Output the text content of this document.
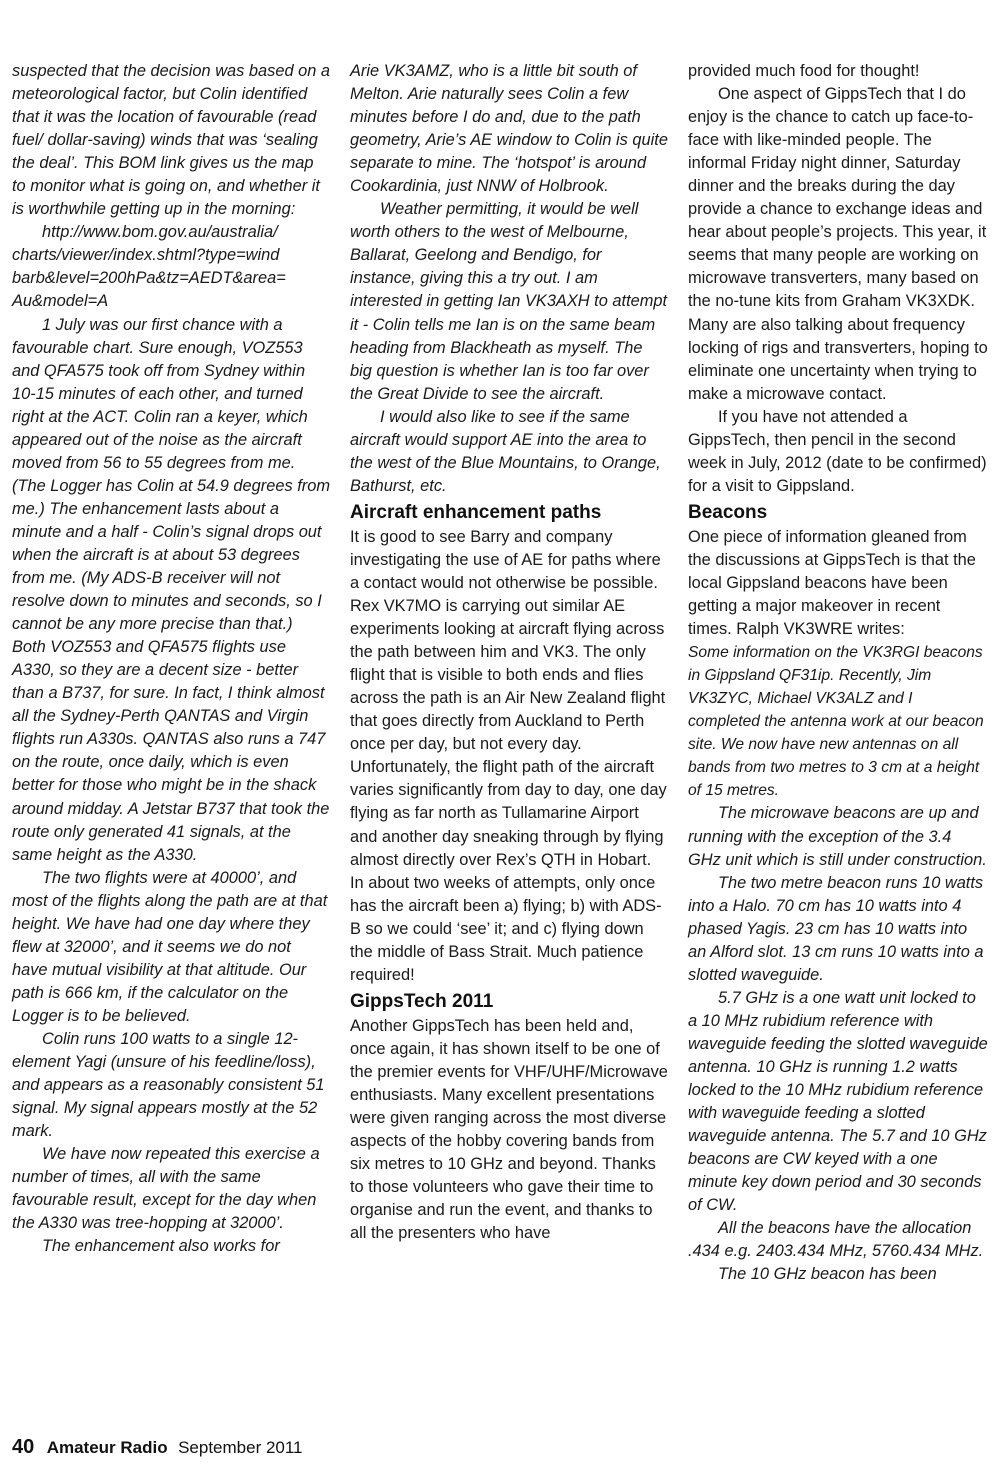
suspected that the decision was based on a meteorological factor, but Colin identified that it was the location of favourable (read fuel/ dollar-saving) winds that was ‘sealing the deal’. This BOM link gives us the map to monitor what is going on, and whether it is worthwhile getting up in the morning:

http://www.bom.gov.au/australia/ charts/viewer/index.shtml?type=wind barb&level=200hPa&tz=AEDT&area= Au&model=A

1 July was our first chance with a favourable chart. Sure enough, VOZ553 and QFA575 took off from Sydney within 10-15 minutes of each other, and turned right at the ACT. Colin ran a keyer, which appeared out of the noise as the aircraft moved from 56 to 55 degrees from me. (The Logger has Colin at 54.9 degrees from me.) The enhancement lasts about a minute and a half - Colin’s signal drops out when the aircraft is at about 53 degrees from me. (My ADS-B receiver will not resolve down to minutes and seconds, so I cannot be any more precise than that.) Both VOZ553 and QFA575 flights use A330, so they are a decent size - better than a B737, for sure. In fact, I think almost all the Sydney-Perth QANTAS and Virgin flights run A330s. QANTAS also runs a 747 on the route, once daily, which is even better for those who might be in the shack around midday. A Jetstar B737 that took the route only generated 41 signals, at the same height as the A330.

The two flights were at 40000’, and most of the flights along the path are at that height. We have had one day where they flew at 32000’, and it seems we do not have mutual visibility at that altitude. Our path is 666 km, if the calculator on the Logger is to be believed.

Colin runs 100 watts to a single 12-element Yagi (unsure of his feedline/loss), and appears as a reasonably consistent 51 signal. My signal appears mostly at the 52 mark.

We have now repeated this exercise a number of times, all with the same favourable result, except for the day when the A330 was tree-hopping at 32000’.

The enhancement also works for

Arie VK3AMZ, who is a little bit south of Melton. Arie naturally sees Colin a few minutes before I do and, due to the path geometry, Arie’s AE window to Colin is quite separate to mine. The ‘hotspot’ is around Cookardinia, just NNW of Holbrook.

Weather permitting, it would be well worth others to the west of Melbourne, Ballarat, Geelong and Bendigo, for instance, giving this a try out. I am interested in getting Ian VK3AXH to attempt it - Colin tells me Ian is on the same beam heading from Blackheath as myself. The big question is whether Ian is too far over the Great Divide to see the aircraft.

I would also like to see if the same aircraft would support AE into the area to the west of the Blue Mountains, to Orange, Bathurst, etc.

Aircraft enhancement paths

It is good to see Barry and company investigating the use of AE for paths where a contact would not otherwise be possible. Rex VK7MO is carrying out similar AE experiments looking at aircraft flying across the path between him and VK3. The only flight that is visible to both ends and flies across the path is an Air New Zealand flight that goes directly from Auckland to Perth once per day, but not every day. Unfortunately, the flight path of the aircraft varies significantly from day to day, one day flying as far north as Tullamarine Airport and another day sneaking through by flying almost directly over Rex’s QTH in Hobart. In about two weeks of attempts, only once has the aircraft been a) flying; b) with ADS-B so we could ‘see’ it; and c) flying down the middle of Bass Strait. Much patience required!

GippsTech 2011

Another GippsTech has been held and, once again, it has shown itself to be one of the premier events for VHF/UHF/Microwave enthusiasts. Many excellent presentations were given ranging across the most diverse aspects of the hobby covering bands from six metres to 10 GHz and beyond. Thanks to those volunteers who gave their time to organise and run the event, and thanks to all the presenters who have

provided much food for thought!

One aspect of GippsTech that I do enjoy is the chance to catch up face-to-face with like-minded people. The informal Friday night dinner, Saturday dinner and the breaks during the day provide a chance to exchange ideas and hear about people’s projects. This year, it seems that many people are working on microwave transverters, many based on the no-tune kits from Graham VK3XDK. Many are also talking about frequency locking of rigs and transverters, hoping to eliminate one uncertainty when trying to make a microwave contact.

If you have not attended a GippsTech, then pencil in the second week in July, 2012 (date to be confirmed) for a visit to Gippsland.

Beacons

One piece of information gleaned from the discussions at GippsTech is that the local Gippsland beacons have been getting a major makeover in recent times. Ralph VK3WRE writes:

Some information on the VK3RGI beacons in Gippsland QF31ip. Recently, Jim VK3ZYC, Michael VK3ALZ and I completed the antenna work at our beacon site. We now have new antennas on all bands from two metres to 3 cm at a height of 15 metres.

The microwave beacons are up and running with the exception of the 3.4 GHz unit which is still under construction.

The two metre beacon runs 10 watts into a Halo. 70 cm has 10 watts into 4 phased Yagis. 23 cm has 10 watts into an Alford slot. 13 cm runs 10 watts into a slotted waveguide.

5.7 GHz is a one watt unit locked to a 10 MHz rubidium reference with waveguide feeding the slotted waveguide antenna. 10 GHz is running 1.2 watts locked to the 10 MHz rubidium reference with waveguide feeding a slotted waveguide antenna. The 5.7 and 10 GHz beacons are CW keyed with a one minute key down period and 30 seconds of CW.

All the beacons have the allocation .434 e.g. 2403.434 MHz, 5760.434 MHz.

The 10 GHz beacon has been

40 Amateur Radio September 2011
